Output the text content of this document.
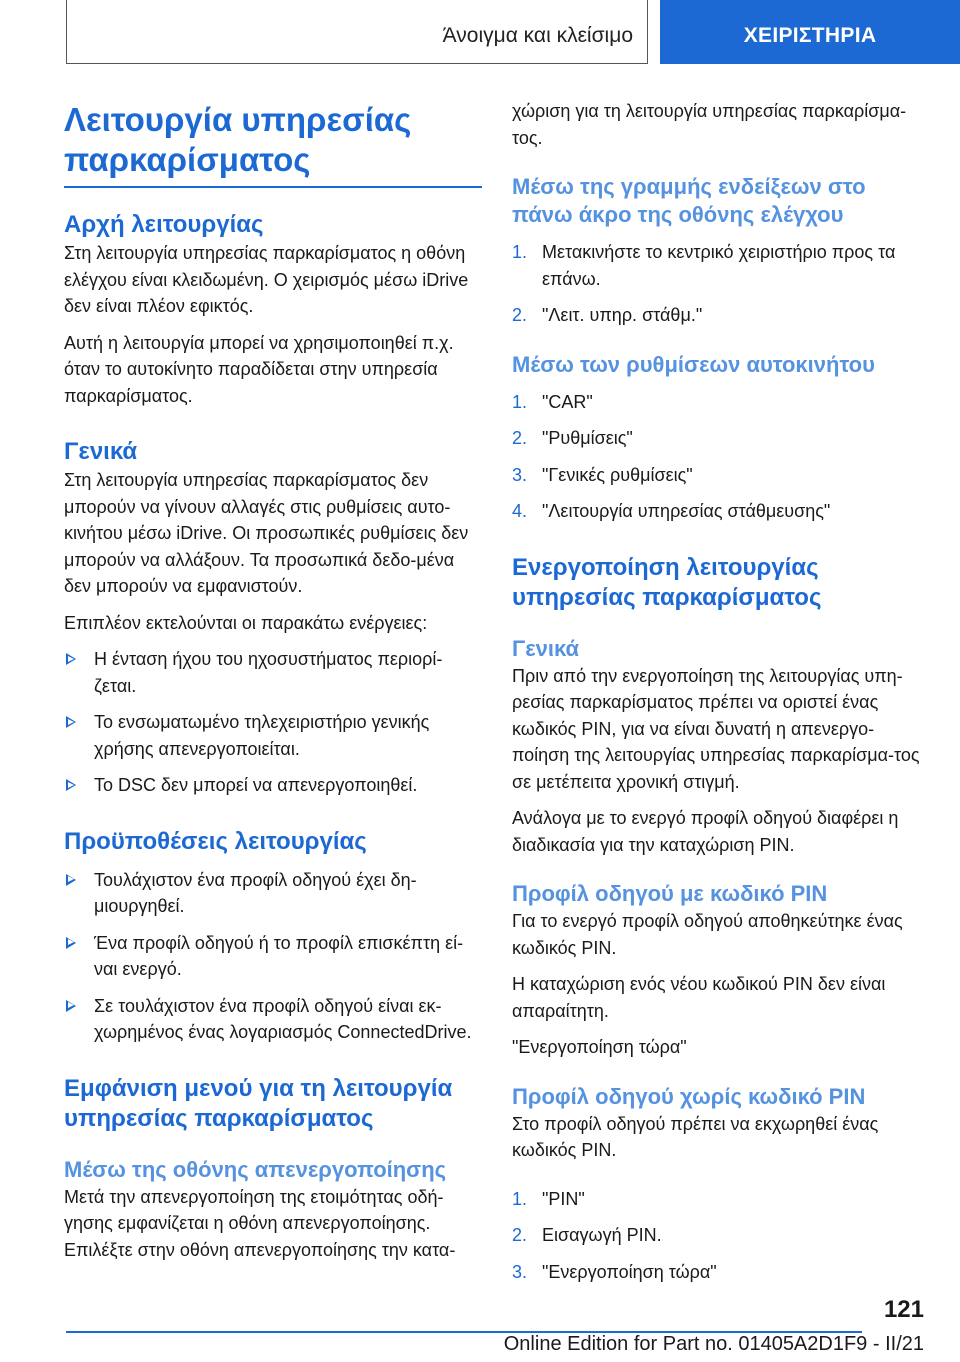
Άνοιγμα και κλείσιμο	ΧΕΙΡΙΣΤΗΡΙΑ
Λειτουργία υπηρεσίας παρκαρίσματος
Αρχή λειτουργίας

Στη λειτουργία υπηρεσίας παρκαρίσματος η οθόνη ελέγχου είναι κλειδωμένη. Ο χειρισμός μέσω iDrive δεν είναι πλέον εφικτός.

Αυτή η λειτουργία μπορεί να χρησιμοποιηθεί π.χ. όταν το αυτοκίνητο παραδίδεται στην υπηρεσία παρκαρίσματος.

Γενικά

Στη λειτουργία υπηρεσίας παρκαρίσματος δεν μπορούν να γίνουν αλλαγές στις ρυθμίσεις αυτο-κινήτου μέσω iDrive. Οι προσωπικές ρυθμίσεις δεν μπορούν να αλλάξουν. Τα προσωπικά δεδο-μένα δεν μπορούν να εμφανιστούν.

Επιπλέον εκτελούνται οι παρακάτω ενέργειες:

Η ένταση ήχου του ηχοσυστήματος περιορί-ζεται.
Το ενσωματωμένο τηλεχειριστήριο γενικής χρήσης απενεργοποιείται.
Το DSC δεν μπορεί να απενεργοποιηθεί.
Προϋποθέσεις λειτουργίας
Τουλάχιστον ένα προφίλ οδηγού έχει δη-μιουργηθεί.
Ένα προφίλ οδηγού ή το προφίλ επισκέπτη εί-ναι ενεργό.
Σε τουλάχιστον ένα προφίλ οδηγού είναι εκ-χωρημένος ένας λογαριασμός ConnectedDrive.
Εμφάνιση μενού για τη λειτουργία υπηρεσίας παρκαρίσματος
Μέσω της οθόνης απενεργοποίησης

Μετά την απενεργοποίηση της ετοιμότητας οδή-γησης εμφανίζεται η οθόνη απενεργοποίησης. Επιλέξτε στην οθόνη απενεργοποίησης την κατα-

χώριση για τη λειτουργία υπηρεσίας παρκαρίσμα-τος.

Μέσω της γραμμής ενδείξεων στο πάνω άκρο της οθόνης ελέγχου
1. Μετακινήστε το κεντρικό χειριστήριο προς τα επάνω.
2. "Λειτ. υπηρ. στάθμ."
Μέσω των ρυθμίσεων αυτοκινήτου
1. "CAR"
2. "Ρυθμίσεις"
3. "Γενικές ρυθμίσεις"
4. "Λειτουργία υπηρεσίας στάθμευσης"
Ενεργοποίηση λειτουργίας υπηρεσίας παρκαρίσματος
Γενικά

Πριν από την ενεργοποίηση της λειτουργίας υπη-ρεσίας παρκαρίσματος πρέπει να οριστεί ένας κωδικός PIN, για να είναι δυνατή η απενεργο-ποίηση της λειτουργίας υπηρεσίας παρκαρίσμα-τος σε μετέπειτα χρονική στιγμή.

Ανάλογα με το ενεργό προφίλ οδηγού διαφέρει η διαδικασία για την καταχώριση PIN.

Προφίλ οδηγού με κωδικό PIN

Για το ενεργό προφίλ οδηγού αποθηκεύτηκε ένας κωδικός PIN.

Η καταχώριση ενός νέου κωδικού PIN δεν είναι απαραίτητη.

"Ενεργοποίηση τώρα"

Προφίλ οδηγού χωρίς κωδικό PIN

Στο προφίλ οδηγού πρέπει να εκχωρηθεί ένας κωδικός PIN.

1. "PIN"
2. Εισαγωγή PIN.
3. "Ενεργοποίηση τώρα"
121
Online Edition for Part no. 01405A2D1F9 - II/21
